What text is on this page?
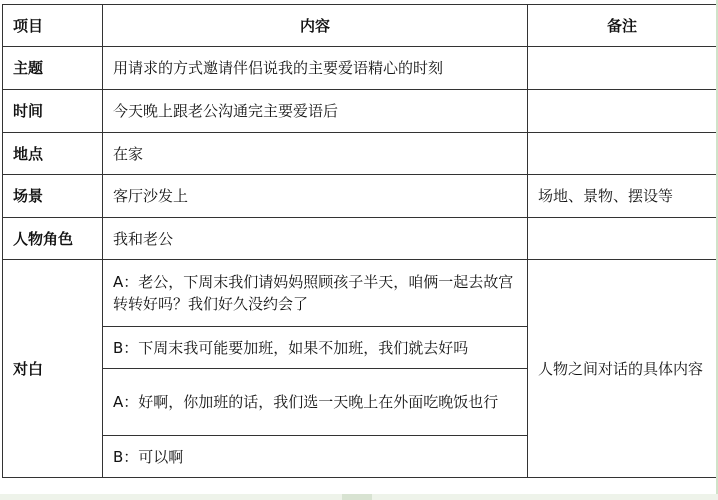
项目	内容	备注
主题	用请求的方式邀请伴侣说我的主要爱语精心的时刻	
时间	今天晚上跟老公沟通完主要爱语后	
地点	在家	
场景	客厅沙发上	场地、景物、摆设等
人物角色	我和老公	
对白	A：老公，下周末我们请妈妈照顾孩子半天，咱俩一起去故宫转转好吗？我们好久没约会了	人物之间对话的具体内容
	B：下周末我可能要加班，如果不加班，我们就去好吗	
	A：好啊，你加班的话，我们选一天晚上在外面吃晚饭也行	
	B：可以啊	
